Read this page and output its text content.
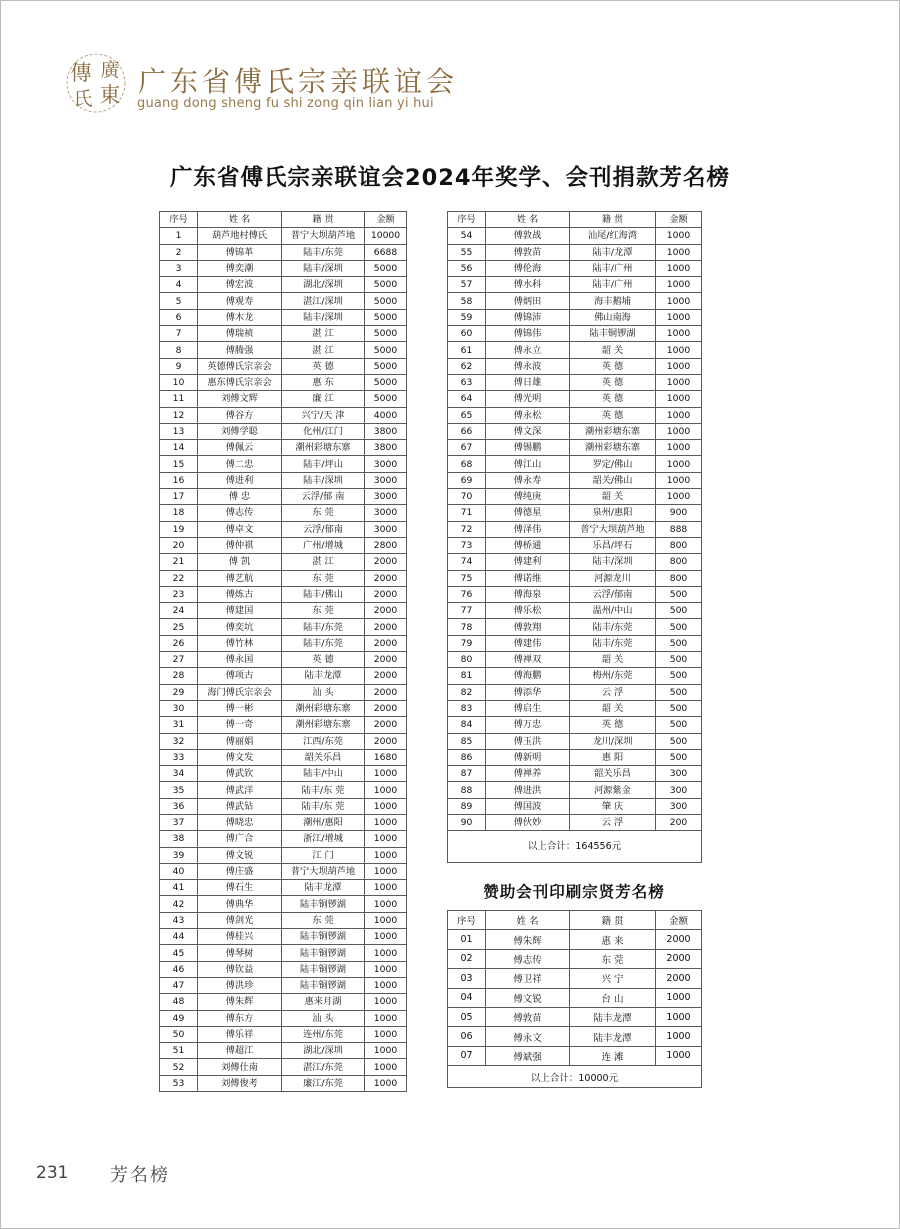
傳 廣
氏 東 广东省傅氏宗亲联谊会
guang dong sheng fu shi zong qin lian yi hui
广东省傅氏宗亲联谊会2024年奖学、会刊捐款芳名榜
序号	姓 名	籍 贯	金额
1	葫芦地村傅氏	普宁大坝葫芦地	10000
2	傅锦革	陆丰/东莞	6688
3	傅奕潮	陆丰/深圳	5000
4	傅宏波	湖北/深圳	5000
5	傅观寿	湛江/深圳	5000
6	傅木龙	陆丰/深圳	5000
7	傅瑞祯	湛 江	5000
8	傅腾强	湛 江	5000
9	英德傅氏宗亲会	英 德	5000
10	惠东傅氏宗亲会	惠 东	5000
11	刘傅文辉	廉 江	5000
12	傅谷方	兴宁/天 津	4000
13	刘傅学聪	化州/江门	3800
14	傅佩云	潮州彩塘东寨	3800
15	傅二忠	陆丰/坪山	3000
16	傅进利	陆丰/深圳	3000
17	傅 忠	云浮/郁 南	3000
18	傅志传	东 莞	3000
19	傅卓文	云浮/郁南	3000
20	傅仲祺	广州/增城	2800
21	傅 凯	湛 江	2000
22	傅艺航	东 莞	2000
23	傅炼古	陆丰/佛山	2000
24	傅建国	东 莞	2000
25	傅奕坑	陆丰/东莞	2000
26	傅竹林	陆丰/东莞	2000
27	傅永国	英 德	2000
28	傅项古	陆丰龙潭	2000
29	海门傅氏宗亲会	汕 头	2000
30	傅一彬	潮州彩塘东寨	2000
31	傅一奇	潮州彩塘东寨	2000
32	傅丽娟	江西/东莞	2000
33	傅文发	韶关乐昌	1680
34	傅武钦	陆丰/中山	1000
35	傅武洋	陆丰/东 莞	1000
36	傅武钻	陆丰/东 莞	1000
37	傅晓忠	潮州/惠阳	1000
38	傅广合	浙江/增城	1000
39	傅文锐	江 门	1000
40	傅庄盛	普宁大坝葫芦地	1000
41	傅石生	陆丰龙潭	1000
42	傅典华	陆丰铜锣湖	1000
43	傅剑光	东 莞	1000
44	傅桂兴	陆丰铜锣湖	1000
45	傅琴树	陆丰铜锣湖	1000
46	傅钦益	陆丰铜锣湖	1000
47	傅洪珍	陆丰铜锣湖	1000
48	傅朱辉	惠来月湖	1000
49	傅东方	汕 头	1000
50	傅乐祥	连州/东莞	1000
51	傅超江	湖北/深圳	1000
52	刘傅仕南	湛江/东莞	1000
53	刘傅俊考	廉江/东莞	1000
序号	姓 名	籍 贯	金额
54	傅敦战	汕尾/红海湾	1000
55	傅敦苗	陆丰/龙潭	1000
56	傅伦海	陆丰/广州	1000
57	傅水科	陆丰/广州	1000
58	傅炳田	海丰鹅埔	1000
59	傅锦沛	佛山南海	1000
60	傅锦伟	陆丰铜锣湖	1000
61	傅永立	韶 关	1000
62	傅永波	英 德	1000
63	傅日雄	英 德	1000
64	傅光明	英 德	1000
65	傅永松	英 德	1000
66	傅文深	潮州彩塘东寨	1000
67	傅锡鹏	潮州彩塘东寨	1000
68	傅江山	罗定/佛山	1000
69	傅永寿	韶关/佛山	1000
70	傅纯庚	韶 关	1000
71	傅德星	泉州/惠阳	900
72	傅泽伟	普宁大坝葫芦地	888
73	傅桥通	乐昌/坪石	800
74	傅建利	陆丰/深圳	800
75	傅诺维	河源龙川	800
76	傅海泉	云浮/郁南	500
77	傅乐松	温州/中山	500
78	傅敦翔	陆丰/东莞	500
79	傅建伟	陆丰/东莞	500
80	傅禅双	韶 关	500
81	傅海鹏	梅州/东莞	500
82	傅添华	云 浮	500
83	傅启生	韶 关	500
84	傅万忠	英 德	500
85	傅玉洪	龙川/深圳	500
86	傅新明	惠 阳	500
87	傅禅养	韶关乐昌	300
88	傅进洪	河源紫金	300
89	傅国波	肇 庆	300
90	傅伙妙	云 浮	200
以上合计：164556元			
赞助会刊印刷宗贤芳名榜
序号	姓 名	籍 贯	金额
01	傅朱辉	惠 来	2000
02	傅志传	东 莞	2000
03	傅卫祥	兴 宁	2000
04	傅文锐	台 山	1000
05	傅敦苗	陆丰龙潭	1000
06	傅永文	陆丰龙潭	1000
07	傅斌强	连 滩	1000
以上合计：10000元			
231 芳名榜
